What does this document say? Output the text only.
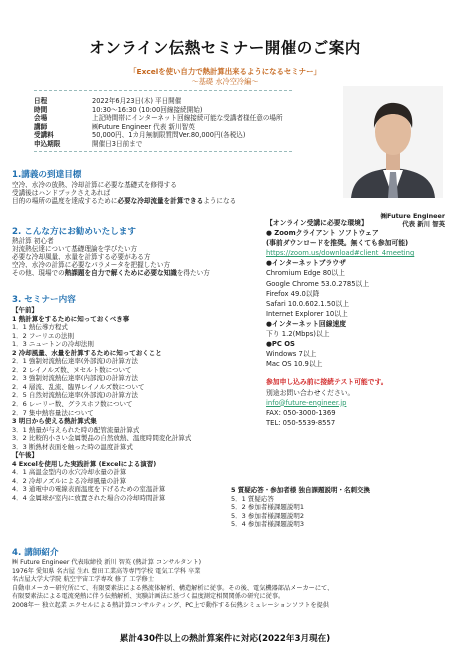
オンライン伝熱セミナー開催のご案内
「Excelを使い自力で熱計算出来るようになるセミナー」
〜基礎 水冷空冷編〜
日程	2022年6月23日(木) 平日開催
時間	10:30〜16:30 (10:00回線接続開始)
会場	上記時間帯にインターネット回線接続可能な受講者様任意の場所
講師	㈱Future Engineer 代表 新川智英
受講料	50,000円、1カ月無制限質問Ver.80,000円(各税込)
申込期限	開催日3日前まで
㈱Future Engineer
代表 新川 智英
1.講義の到達目標
空冷、水冷の放熱、冷却計算に必要な基礎式を修得する
受講後はハンドブックさえあれば
目的の場所の温度を達成するために必要な冷却流量を計算できるようになる
2. こんな方にお勧めいたします
熱計算 初心者
対流熱伝達について基礎理論を学びたい方
必要な冷却風量、水量を計算する必要がある方
空冷、水冷の計算に必要なパラメータを把握したい方
その他、現場での熱課題を自力で解くために必要な知識を得たい方
3. セミナー内容
【午前】
1 熱計算をするために知っておくべき事
1．1 熱伝導方程式
1．2 フーリエの法則
1．3 ニュートンの冷却法則
2 冷却風量、水量を計算するために知っておくこと
2．1 強制対流熱伝達率(外部流)の計算方法
2．2 レイノルズ数、ヌセルト数について
2．3 強制対流熱伝達率(内部流)の計算方法
2．4 層流、乱流、臨界レイノルズ数について
2．5 自然対流熱伝達率(外部流)の計算方法
2．6 レーリー数、グラスホフ数について
2．7 集中熱容量法について
3 明日から使える熱計算式集
3．1 熱量が与えられた時の配管流量計算式
3．2 比較的小さい金属製品の自然放熱、温度時間変化計算式
3．3 断熱材表面を触った時の温度計算式
【午後】
4 Excelを使用した実践計算 (Excelによる演習)
4．1 高温金型内の水穴冷却水量の計算
4．2 冷却ノズルによる冷却風量の計算
4．3 通電中の電線表面温度を下げるための室温計算
4．4 金属球が室内に放置された場合の冷却時間計算
5 質疑応答・参加者様 独自課題説明・名刺交換
5．1 質疑応答
5．2 参加者様課題説明1
5．3 参加者様課題説明2
5．4 参加者様課題説明3
4. 講師紹介
㈱ Future Engineer 代表取締役 新川 智英 (熱計算 コンサルタント)
1976年 愛知県 名古屋 生れ 豊田工業高等専門学校 電気工学科 卒業
名古屋大学大学院 航空宇宙工学専攻 修了 工学修士
自動車メーカー研究所にて、有限要素法による熱流体解析、構造解析に従事。その後、電気機器部品メーカーにて、
有限要素法による電流発熱に伴う伝熱解析、実験計画法に基づく温度測定相関関係の研究に従事。
2008年〜 独立起業 エクセルによる熱計算コンサルティング、PC上で動作する伝熱シミュレーションソフトを提供
【オンライン受講に必要な環境】
● Zoomクライアント ソフトウェア
(事前ダウンロードを推奨。無くても参加可能)
https://zoom.us/download#client_4meeting
●インターネットブラウザ
Chromium Edge 80以上
Google Chrome 53.0.2785以上
Firefox 49.0以降
Safari 10.0.602.1.50以上
Internet Explorer 10以上
●インターネット回線速度
下り 1.2(Mbps)以上
●PC OS
Windows 7以上
Mac OS 10.9以上
参加申し込み前に接続テスト可能です。
別途お問い合わせください。
info@future-engineer.jp
FAX: 050-3000-1369
TEL: 050-5539-8557
累計430件以上の熱計算案件に対応(2022年3月現在)
